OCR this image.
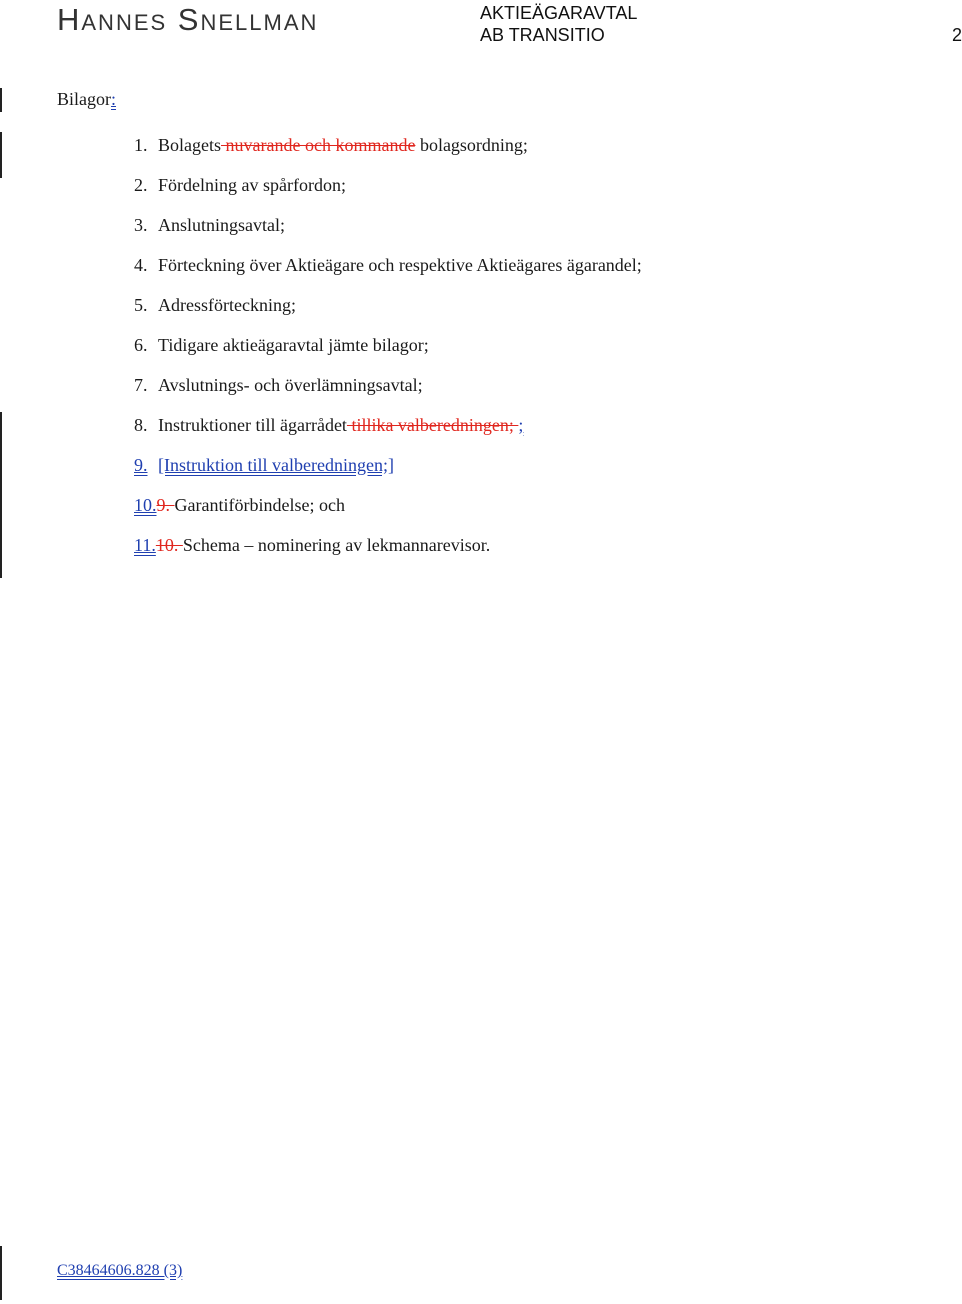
Hannes Snellman	AKTIEÄGARAVTAL
AB TRANSITIO	2
Bilagor:
1. Bolagets nuvarande och kommande bolagsordning;
2. Fördelning av spårfordon;
3. Anslutningsavtal;
4. Förteckning över Aktieägare och respektive Aktieägares ägarandel;
5. Adressförteckning;
6. Tidigare aktieägaravtal jämte bilagor;
7. Avslutnings- och överlämningsavtal;
8. Instruktioner till ägarrådet tillika valberedningen; ;
9. [Instruktion till valberedningen;]
10.9. Garantiförbindelse; och
11.10. Schema – nominering av lekmannarevisor.
C38464606.828 (3)
